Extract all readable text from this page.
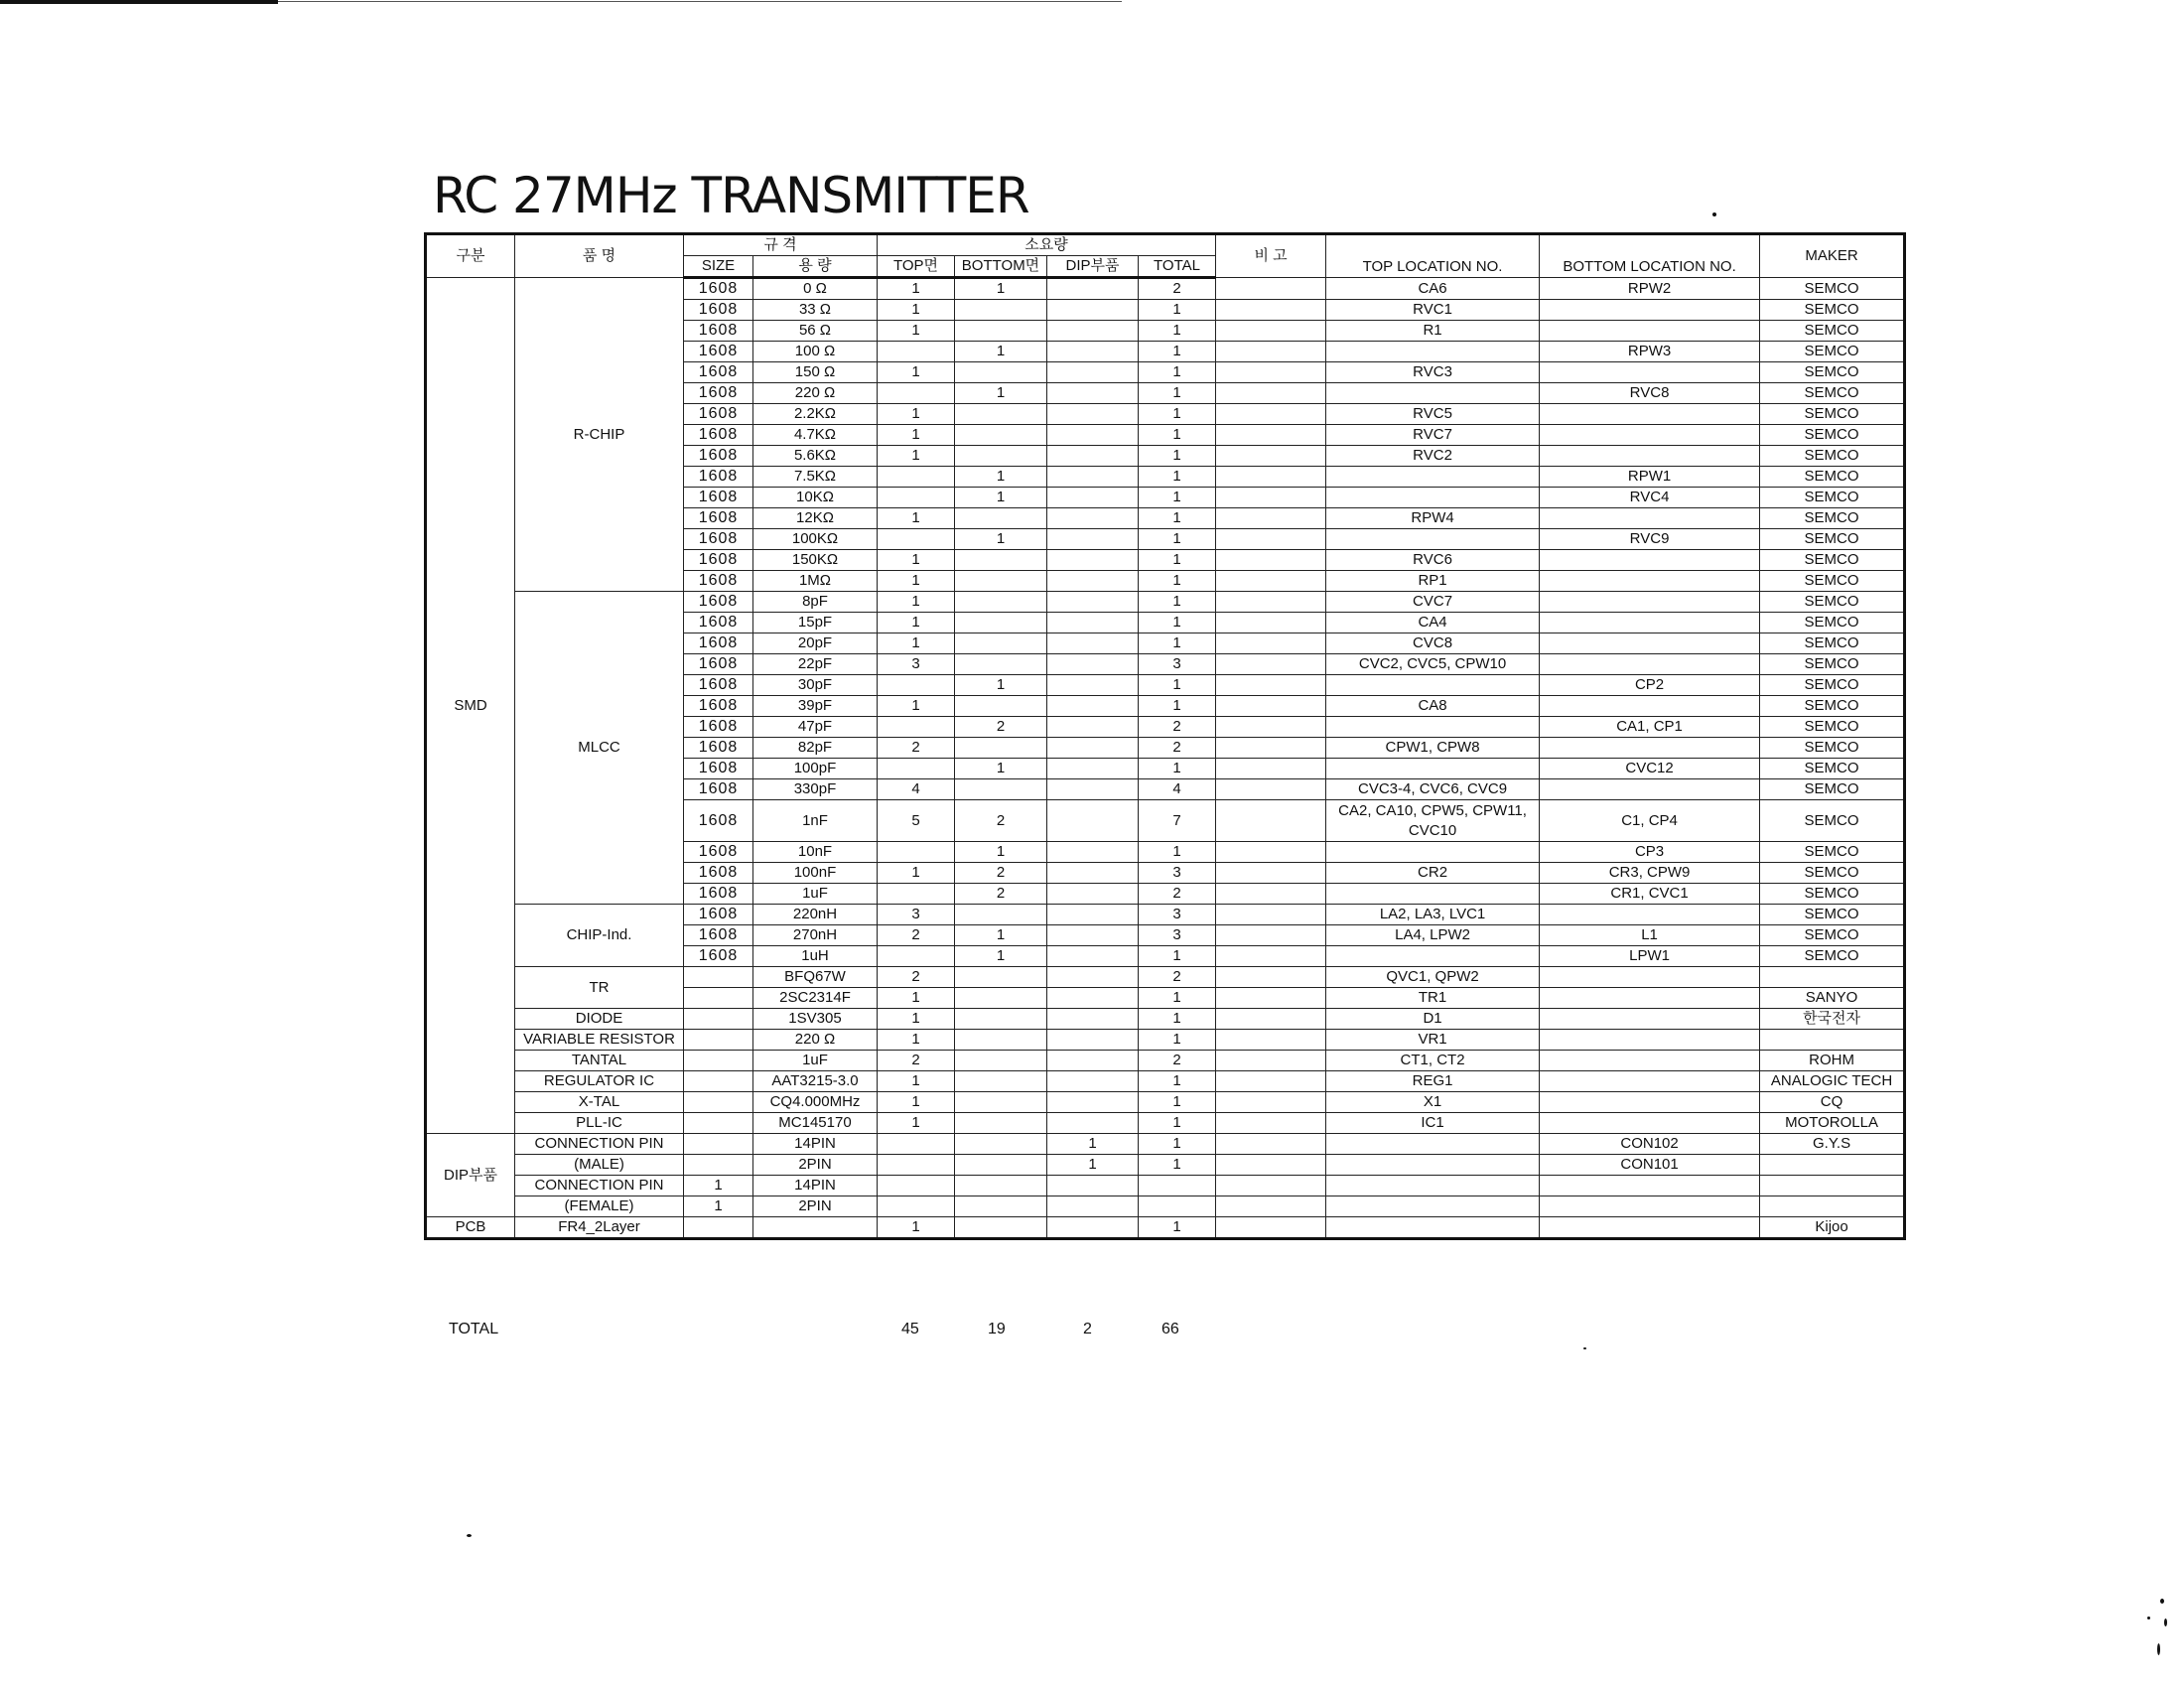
RC 27MHz TRANSMITTER
구분	품 명	규 격		소요량				비 고	TOP LOCATION NO.	BOTTOM LOCATION NO.	MAKER
		SIZE	용 량	TOP면	BOTTOM면	DIP부품	TOTAL				
SMD	R-CHIP	1608	0 Ω	1	1		2		CA6	RPW2	SEMCO
		1608	33 Ω	1			1		RVC1		SEMCO
		1608	56 Ω	1			1		R1		SEMCO
		1608	100 Ω		1		1			RPW3	SEMCO
		1608	150 Ω	1			1		RVC3		SEMCO
		1608	220 Ω		1		1			RVC8	SEMCO
		1608	2.2KΩ	1			1		RVC5		SEMCO
		1608	4.7KΩ	1			1		RVC7		SEMCO
		1608	5.6KΩ	1			1		RVC2		SEMCO
		1608	7.5KΩ		1		1			RPW1	SEMCO
		1608	10KΩ		1		1			RVC4	SEMCO
		1608	12KΩ	1			1		RPW4		SEMCO
		1608	100KΩ		1		1			RVC9	SEMCO
		1608	150KΩ	1			1		RVC6		SEMCO
		1608	1MΩ	1			1		RP1		SEMCO
	MLCC	1608	8pF	1			1		CVC7		SEMCO
		1608	15pF	1			1		CA4		SEMCO
		1608	20pF	1			1		CVC8		SEMCO
		1608	22pF	3			3		CVC2, CVC5, CPW10		SEMCO
		1608	30pF		1		1			CP2	SEMCO
		1608	39pF	1			1		CA8		SEMCO
		1608	47pF		2		2			CA1, CP1	SEMCO
		1608	82pF	2			2		CPW1, CPW8		SEMCO
		1608	100pF		1		1			CVC12	SEMCO
		1608	330pF	4			4		CVC3-4, CVC6, CVC9		SEMCO
		1608	1nF	5	2		7		CA2, CA10, CPW5, CPW11, CVC10	C1, CP4	SEMCO
		1608	10nF		1		1			CP3	SEMCO
		1608	100nF	1	2		3		CR2	CR3, CPW9	SEMCO
		1608	1uF		2		2			CR1, CVC1	SEMCO
	CHIP-Ind.	1608	220nH	3			3		LA2, LA3, LVC1		SEMCO
		1608	270nH	2	1		3		LA4, LPW2	L1	SEMCO
		1608	1uH		1		1			LPW1	SEMCO
	TR		BFQ67W	2			2		QVC1, QPW2		
			2SC2314F	1			1		TR1		SANYO
	DIODE		1SV305	1			1		D1		한국전자
	VARIABLE RESISTOR		220 Ω	1			1		VR1		
	TANTAL		1uF	2			2		CT1, CT2		ROHM
	REGULATOR IC		AAT3215-3.0	1			1		REG1		ANALOGIC TECH
	X-TAL		CQ4.000MHz	1			1		X1		CQ
	PLL-IC		MC145170	1			1		IC1		MOTOROLLA
DIP부품	CONNECTION PIN		14PIN			1	1			CON102	G.Y.S
	(MALE)		2PIN			1	1			CON101	
	CONNECTION PIN	1	14PIN								
	(FEMALE)	1	2PIN								
PCB	FR4_2Layer			1			1				Kijoo
TOTAL	45	19	2	66
